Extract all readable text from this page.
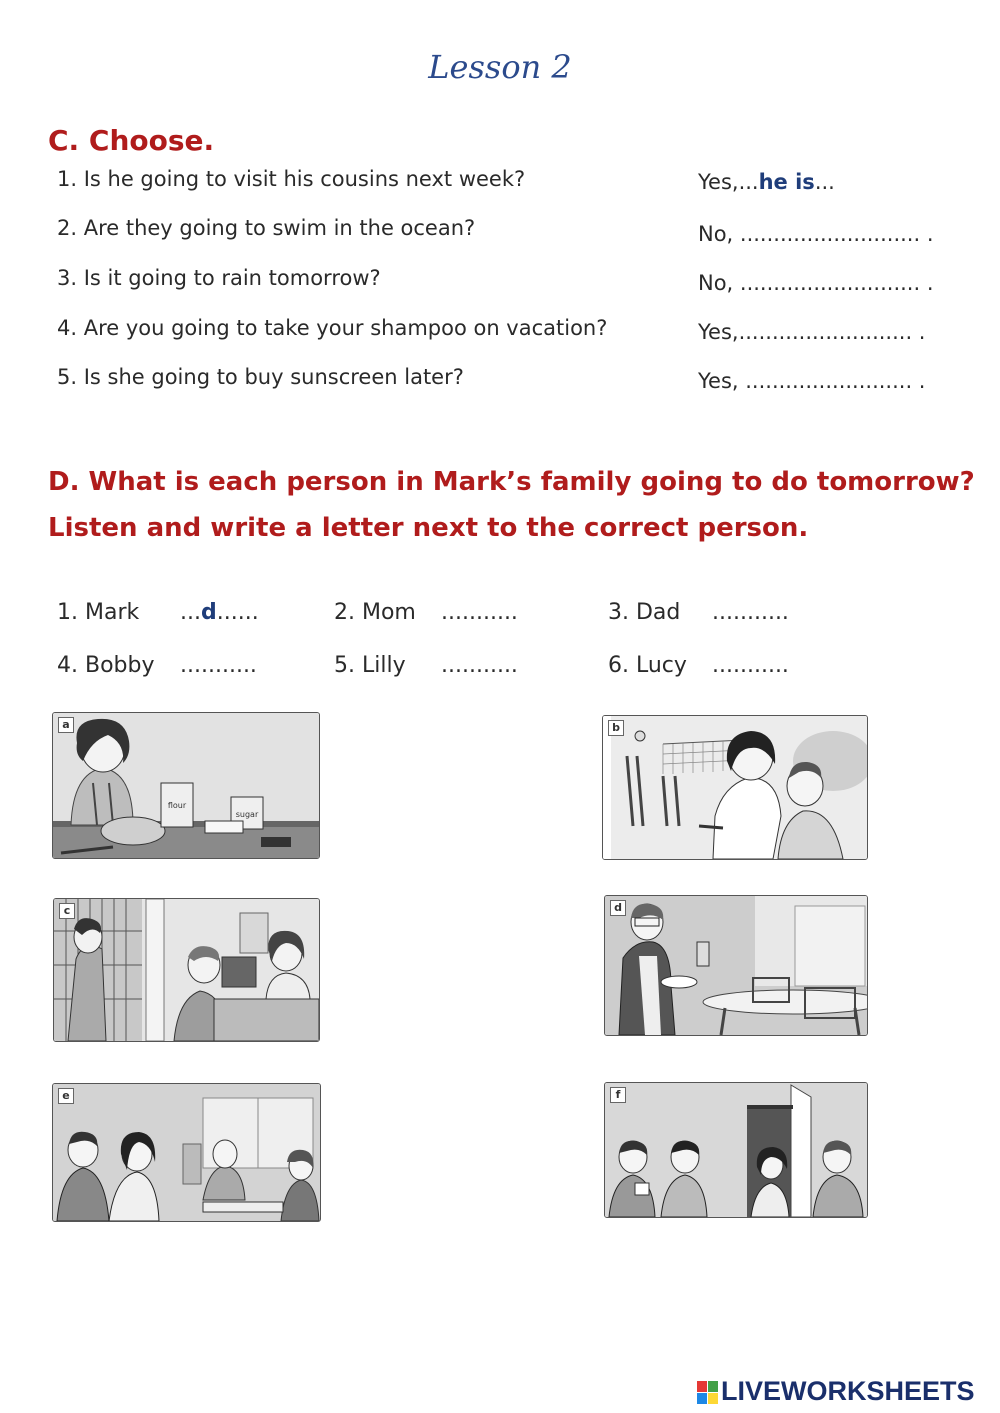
Lesson 2
C. Choose.
1. Is he going to visit his cousins next week?	Yes,...he is...
2. Are they going to swim in the ocean?	No, ........................... .
3. Is it going to rain tomorrow?	No, ........................... .
4. Are you going to take your shampoo on vacation?	Yes,.......................... .
5. Is she going to buy sunscreen later?	Yes, ......................... .
D. What is each person in Mark’s family going to do tomorrow?
Listen and write a letter next to the correct person.
1. Mark ...d......	2. Mom ...........	3. Dad ...........
4. Bobby ...........	5. Lilly ...........	6. Lucy ...........
flour
sugar
a	b
c	d
e	f
LIVEWORKSHEETS
